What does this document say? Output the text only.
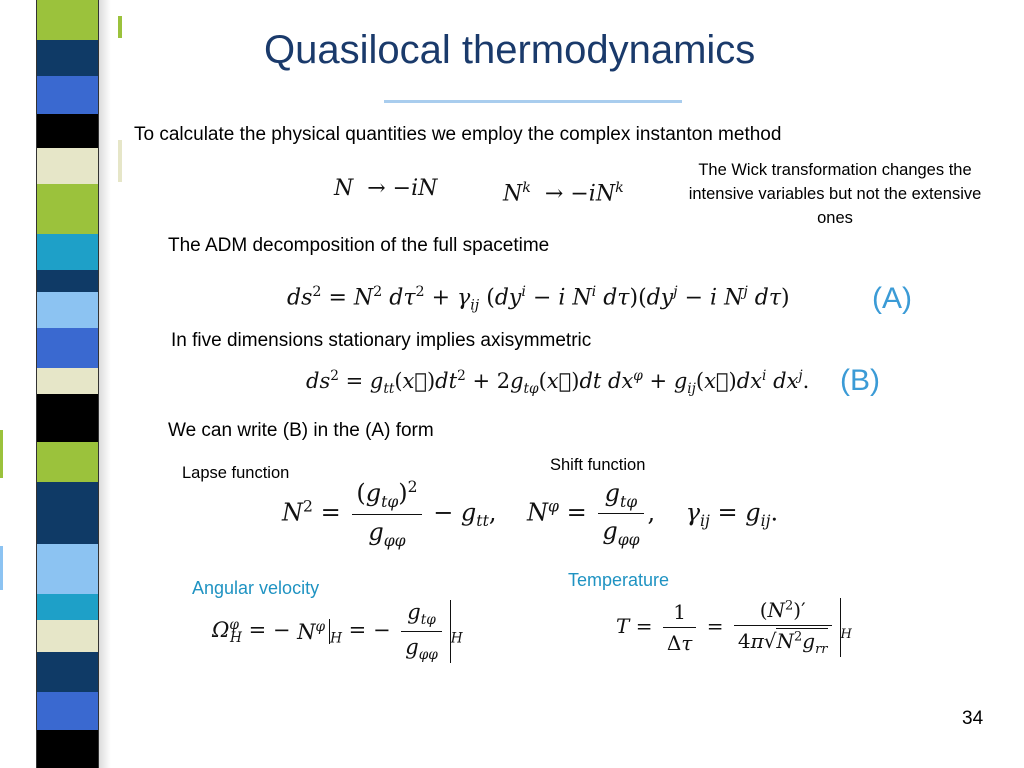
Quasilocal thermodynamics
To calculate the physical quantities we employ the complex instanton method
The Wick transformation changes the intensive variables but not the extensive ones
N  → −iN	$N^k \to -iN^k$
The ADM decomposition of the full spacetime
$ds^2 = N^2$ $d\tau^2 + \gamma_{ij}$ ($dy^i - i$ $N^i$ $d\tau)(dy^j - i$ $N^j$ dτ)	(A)
In five dimensions stationary implies axisymmetric
$ds^2$ = $g_{tt}(x⃗)dt^2$ + $2g_{t\varphi}(x⃗)dt$ $dx^\varphi$ + $g_{ij}(x⃗)dx^i$ $dx^j$. (B)
We can write (B) in the (A) form
Lapse function	Shift function
$N^2 = \frac{(g_{t\varphi})^2}{g_{\varphi\varphi}} - g_{tt}$,    $N^\varphi = \frac{g_{t\varphi}}{g_{\varphi\varphi}}$ ,    $\gamma_{ij} = g_{ij}$.
Temperature
Angular velocity
$\Omega^\varphi_H$ = − $N^\varphi_H$ = − $\frac{g_{t\varphi}}{g_{\varphi\varphi}} _H$
$T = \frac{1}{\Delta\tau} = \frac{(N^2)'}{4\pi√N^2g_{rr}} _H$
34
